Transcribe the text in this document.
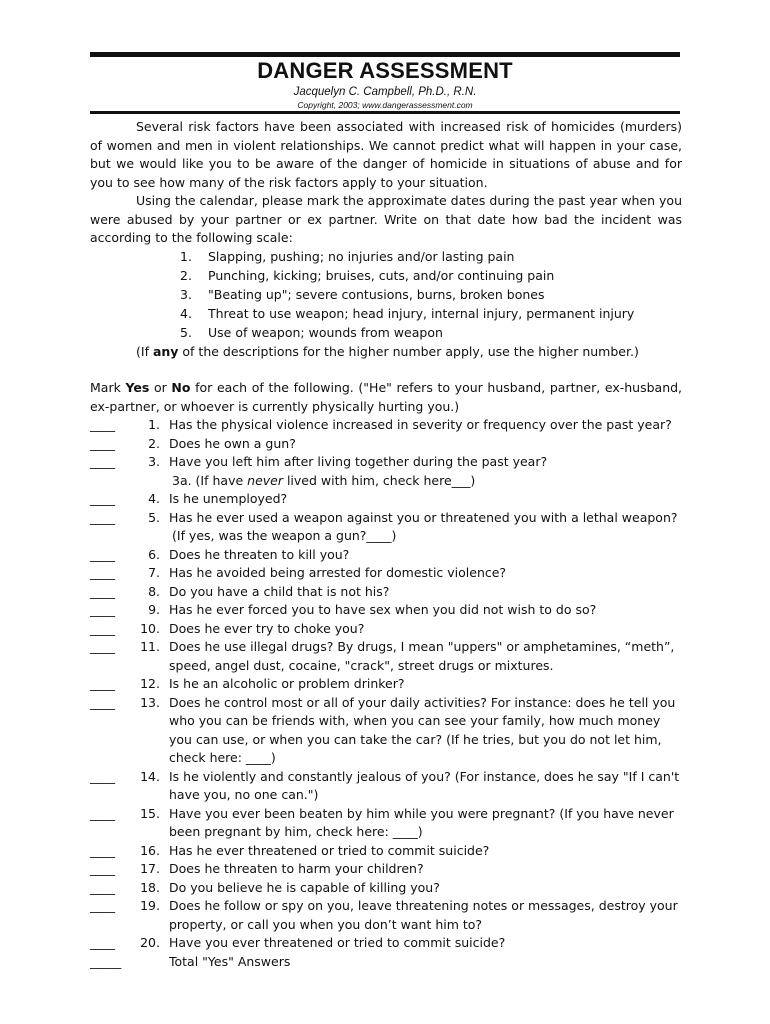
DANGER ASSESSMENT
Jacquelyn C. Campbell, Ph.D., R.N.
Copyright, 2003; www.dangerassessment.com

Several risk factors have been associated with increased risk of homicides (murders) of women and men in violent relationships. We cannot predict what will happen in your case, but we would like you to be aware of the danger of homicide in situations of abuse and for you to see how many of the risk factors apply to your situation.

Using the calendar, please mark the approximate dates during the past year when you were abused by your partner or ex partner. Write on that date how bad the incident was according to the following scale:

1.	Slapping, pushing; no injuries and/or lasting pain
2.	Punching, kicking; bruises, cuts, and/or continuing pain
3.	"Beating up"; severe contusions, burns, broken bones
4.	Threat to use weapon; head injury, internal injury, permanent injury
5.	Use of weapon; wounds from weapon

(If any of the descriptions for the higher number apply, use the higher number.)

Mark Yes or No for each of the following. ("He" refers to your husband, partner, ex-husband, ex-partner, or whoever is currently physically hurting you.)

____	1. Has the physical violence increased in severity or frequency over the past year?
____	2. Does he own a gun?
____	3. Have you left him after living together during the past year?

3a. (If have never lived with him, check here___)

____	4. Is he unemployed?
____	5. Has he ever used a weapon against you or threatened you with a lethal weapon?

(If yes, was the weapon a gun?____)

____	6. Does he threaten to kill you?
____	7. Has he avoided being arrested for domestic violence?
____	8. Do you have a child that is not his?
____	9. Has he ever forced you to have sex when you did not wish to do so?
____	10. Does he ever try to choke you?
____	11. Does he use illegal drugs? By drugs, I mean "uppers" or amphetamines, “meth”, speed, angel dust, cocaine, "crack", street drugs or mixtures.
____	12. Is he an alcoholic or problem drinker?
____	13. Does he control most or all of your daily activities? For instance: does he tell you who you can be friends with, when you can see your family, how much money you can use, or when you can take the car? (If he tries, but you do not let him, check here: ____)
____	14. Is he violently and constantly jealous of you? (For instance, does he say "If I can't have you, no one can.")
____	15. Have you ever been beaten by him while you were pregnant? (If you have never been pregnant by him, check here: ____)
____	16. Has he ever threatened or tried to commit suicide?
____	17. Does he threaten to harm your children?
____	18. Do you believe he is capable of killing you?
____	19. Does he follow or spy on you, leave threatening notes or messages, destroy your property, or call you when you don’t want him to?
____	20. Have you ever threatened or tried to commit suicide?
_____	Total "Yes" Answers
